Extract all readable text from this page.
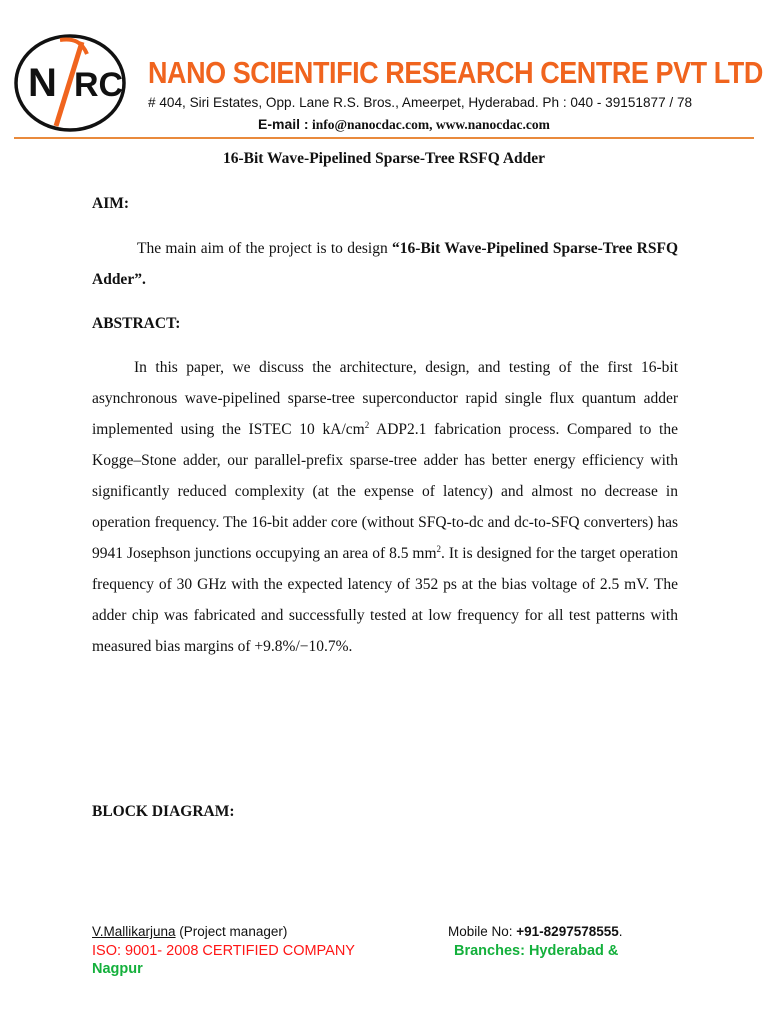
N RC NANO SCIENTIFIC RESEARCH CENTRE PVT LTD
# 404, Siri Estates, Opp. Lane R.S. Bros., Ameerpet, Hyderabad. Ph : 040 - 39151877 / 78
E-mail : info@nanocdac.com, www.nanocdac.com
16-Bit Wave-Pipelined Sparse-Tree RSFQ Adder
AIM:
The main aim of the project is to design “16-Bit Wave-Pipelined Sparse-Tree RSFQ Adder”.
ABSTRACT:
In this paper, we discuss the architecture, design, and testing of the first 16-bit asynchronous wave-pipelined sparse-tree superconductor rapid single flux quantum adder implemented using the ISTEC 10 $kA/cm^2$ ADP2.1 fabrication process. Compared to the Kogge–Stone adder, our parallel-prefix sparse-tree adder has better energy efficiency with significantly reduced complexity (at the expense of latency) and almost no decrease in operation frequency. The 16-bit adder core (without SFQ-to-dc and dc-to-SFQ converters) has 9941 Josephson junctions occupying an area of 8.5 $mm^2$. It is designed for the target operation frequency of 30 GHz with the expected latency of 352 ps at the bias voltage of 2.5 mV. The adder chip was fabricated and successfully tested at low frequency for all test patterns with measured bias margins of +9.8%/−10.7%.
BLOCK DIAGRAM:
V.Mallikarjuna (Project manager)	Mobile No: +91-8297578555.
ISO: 9001- 2008 CERTIFIED COMPANY	Branches: Hyderabad &
Nagpur
